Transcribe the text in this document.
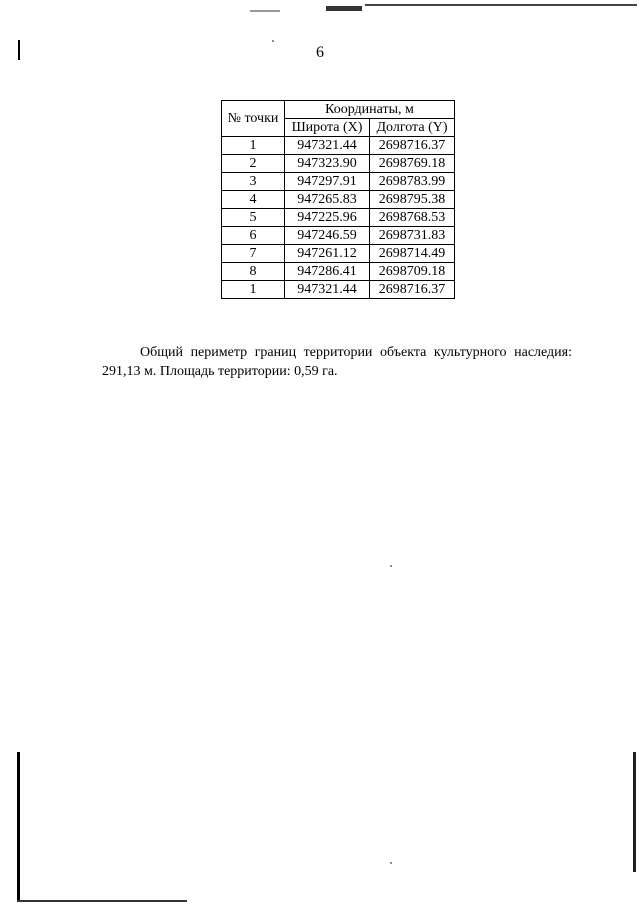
6
№ точки	Координаты, м	
	Широта (X)	Долгота (Y)
1	947321.44	2698716.37
2	947323.90	2698769.18
3	947297.91	2698783.99
4	947265.83	2698795.38
5	947225.96	2698768.53
6	947246.59	2698731.83
7	947261.12	2698714.49
8	947286.41	2698709.18
1	947321.44	2698716.37
Общий периметр границ территории объекта культурного наследия: 291,13 м. Площадь территории: 0,59 га.
